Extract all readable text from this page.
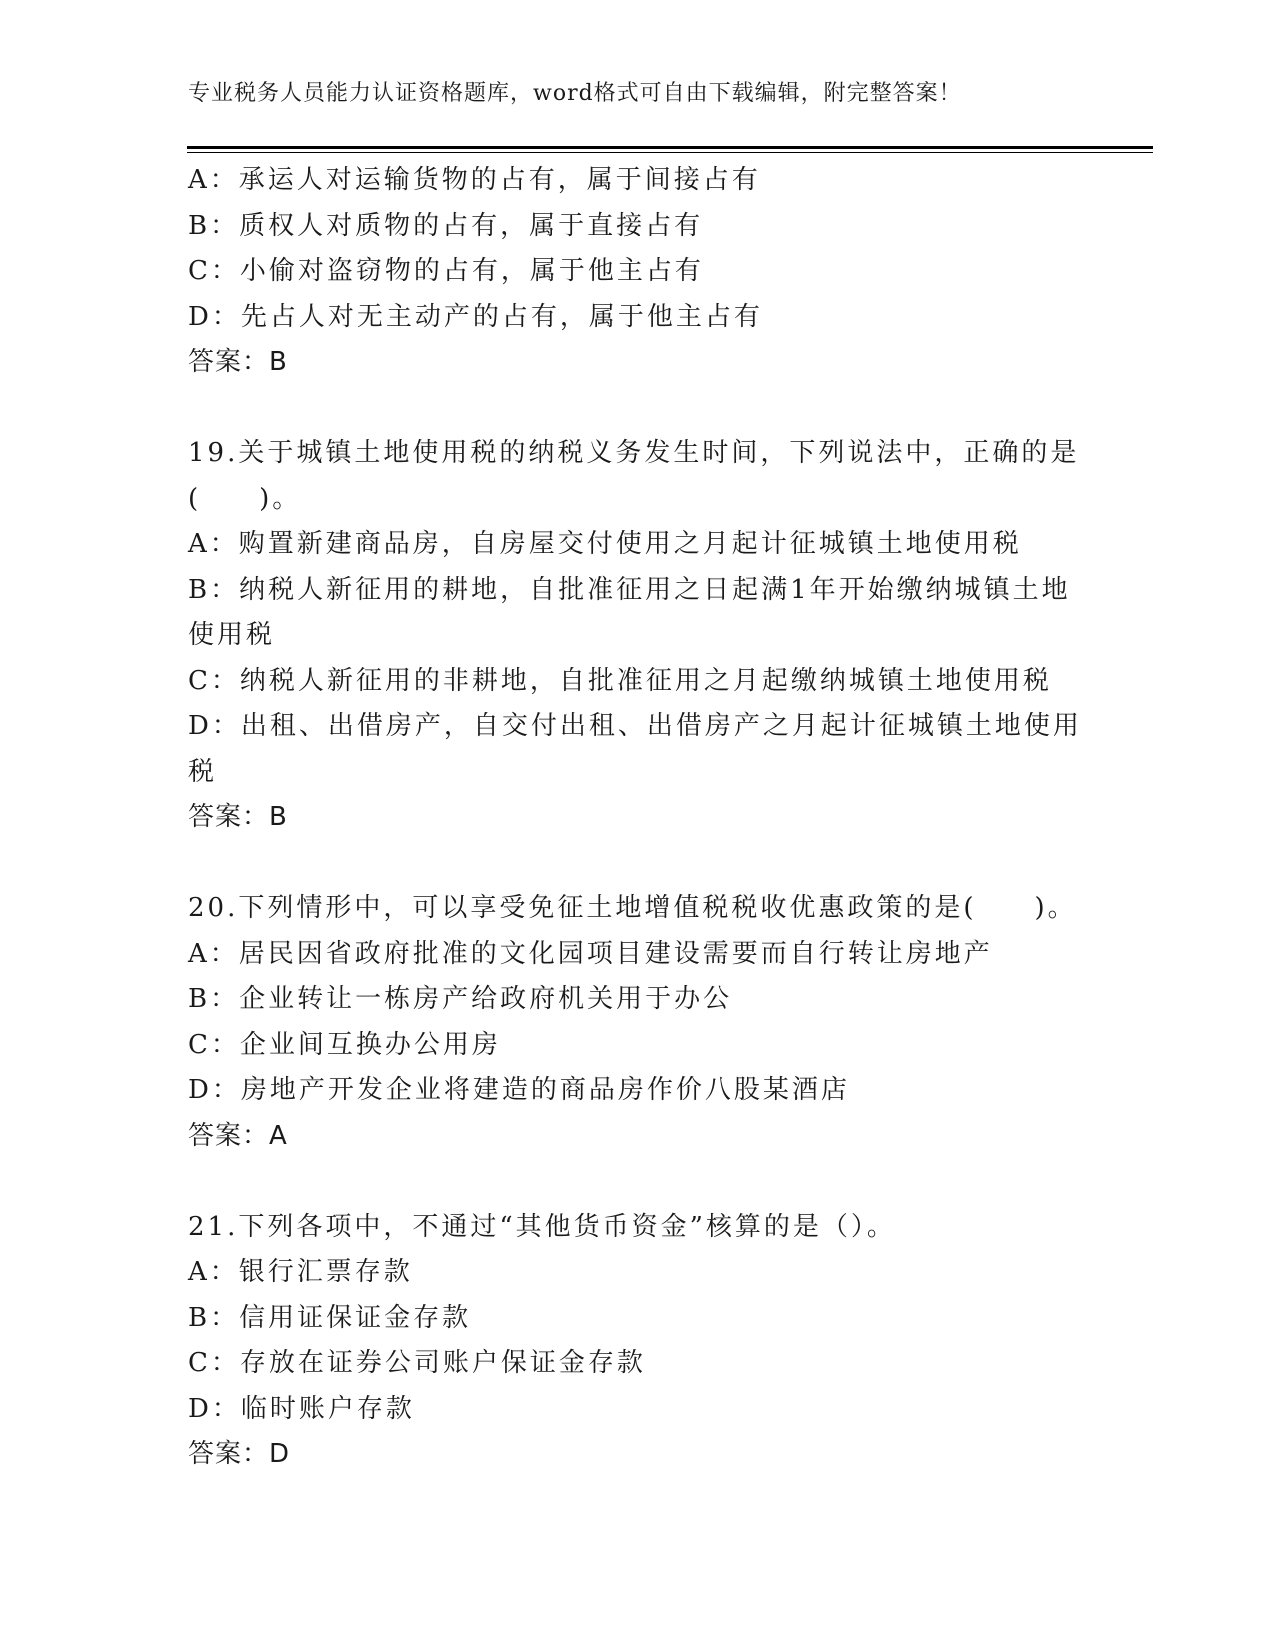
专业税务人员能力认证资格题库，word格式可自由下载编辑，附完整答案！
A：承运人对运输货物的占有，属于间接占有
B：质权人对质物的占有，属于直接占有
C：小偷对盗窃物的占有，属于他主占有
D：先占人对无主动产的占有，属于他主占有
答案：B
19.关于城镇土地使用税的纳税义务发生时间，下列说法中，正确的是
(　　)。
A：购置新建商品房，自房屋交付使用之月起计征城镇土地使用税
B：纳税人新征用的耕地，自批准征用之日起满1年开始缴纳城镇土地
使用税
C：纳税人新征用的非耕地，自批准征用之月起缴纳城镇土地使用税
D：出租、出借房产，自交付出租、出借房产之月起计征城镇土地使用
税
答案：B
20.下列情形中，可以享受免征土地增值税税收优惠政策的是(　　)。
A：居民因省政府批准的文化园项目建设需要而自行转让房地产
B：企业转让一栋房产给政府机关用于办公
C：企业间互换办公用房
D：房地产开发企业将建造的商品房作价八股某酒店
答案：A
21.下列各项中，不通过“其他货币资金”核算的是（）。
A：银行汇票存款
B：信用证保证金存款
C：存放在证券公司账户保证金存款
D：临时账户存款
答案：D
